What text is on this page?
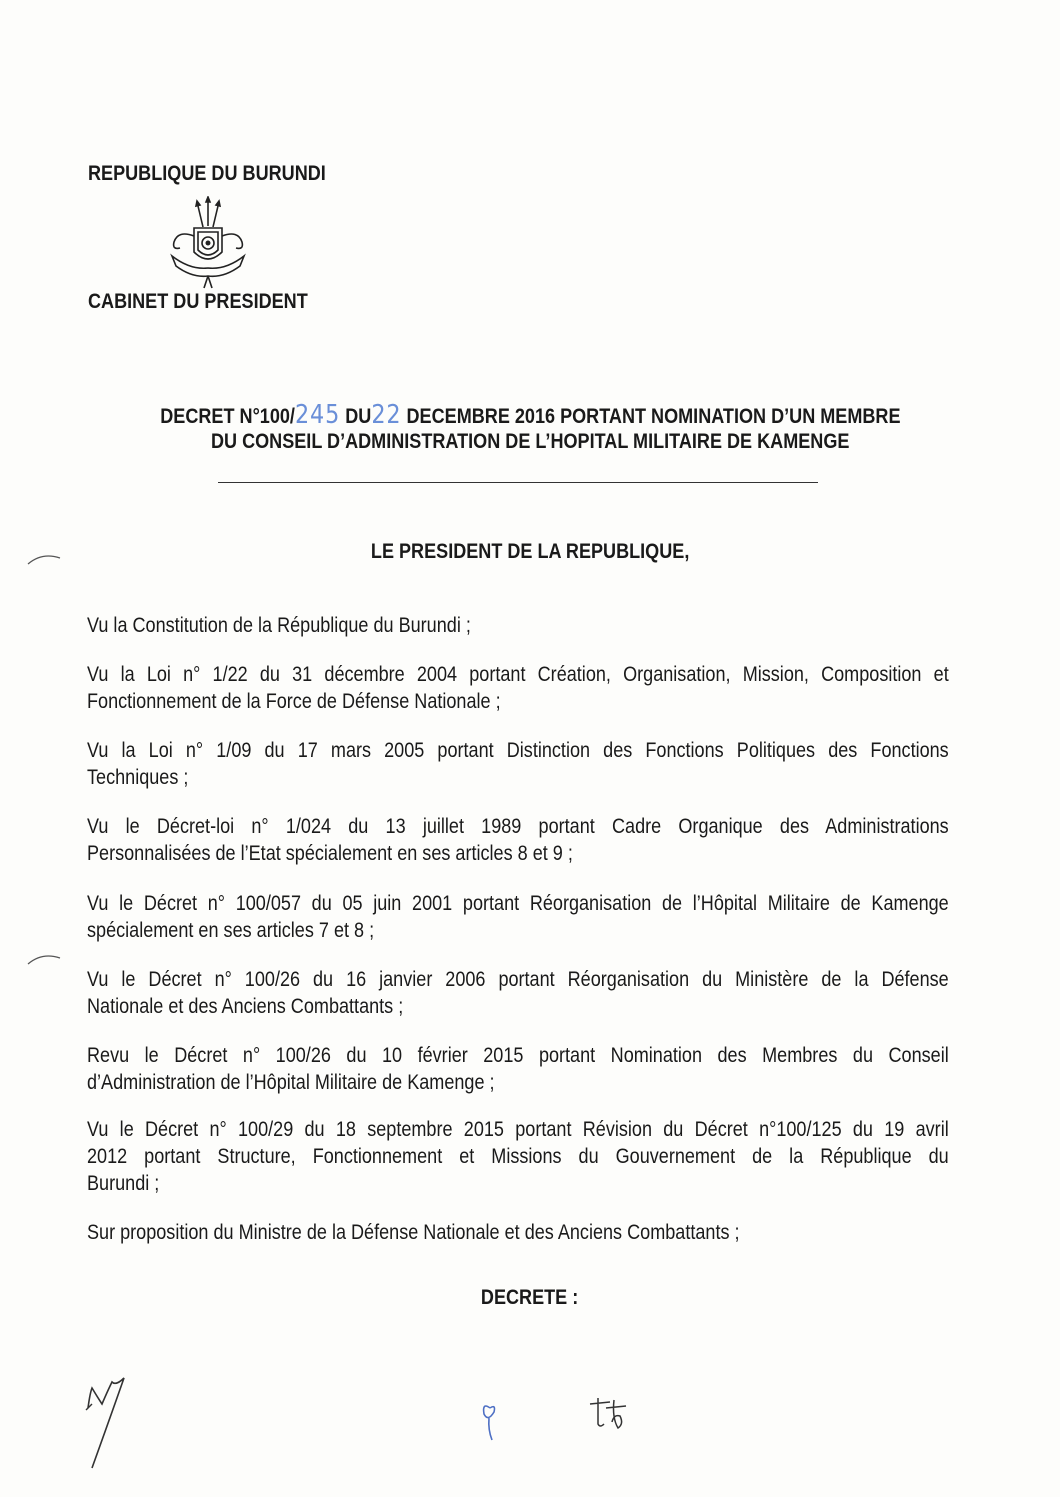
REPUBLIQUE DU BURUNDI
CABINET DU PRESIDENT
DECRET N°100/245 DU22 DECEMBRE 2016 PORTANT NOMINATION D’UN MEMBRE
DU CONSEIL D’ADMINISTRATION DE L’HOPITAL MILITAIRE DE KAMENGE
LE PRESIDENT DE LA REPUBLIQUE,
Vu la Constitution de la République du Burundi ;
Vu la Loi n° 1/22 du 31 décembre 2004 portant Création, Organisation, Mission, Composition et
Fonctionnement de la Force de Défense Nationale ;
Vu la Loi n° 1/09 du 17 mars 2005 portant Distinction des Fonctions Politiques des Fonctions
Techniques ;
Vu le Décret-loi n° 1/024 du 13 juillet 1989 portant Cadre Organique des Administrations
Personnalisées de l’Etat spécialement en ses articles 8 et 9 ;
Vu le Décret n° 100/057 du 05 juin 2001 portant Réorganisation de l’Hôpital Militaire de Kamenge
spécialement en ses articles 7 et 8 ;
Vu le Décret n° 100/26 du 16 janvier 2006 portant Réorganisation du Ministère de la Défense
Nationale et des Anciens Combattants ;
Revu le Décret n° 100/26 du 10 février 2015 portant Nomination des Membres du Conseil
d’Administration de l’Hôpital Militaire de Kamenge ;
Vu le Décret n° 100/29 du 18 septembre 2015 portant Révision du Décret n°100/125 du 19 avril
2012 portant Structure, Fonctionnement et Missions du Gouvernement de la République du
Burundi ;
Sur proposition du Ministre de la Défense Nationale et des Anciens Combattants ;
DECRETE :
